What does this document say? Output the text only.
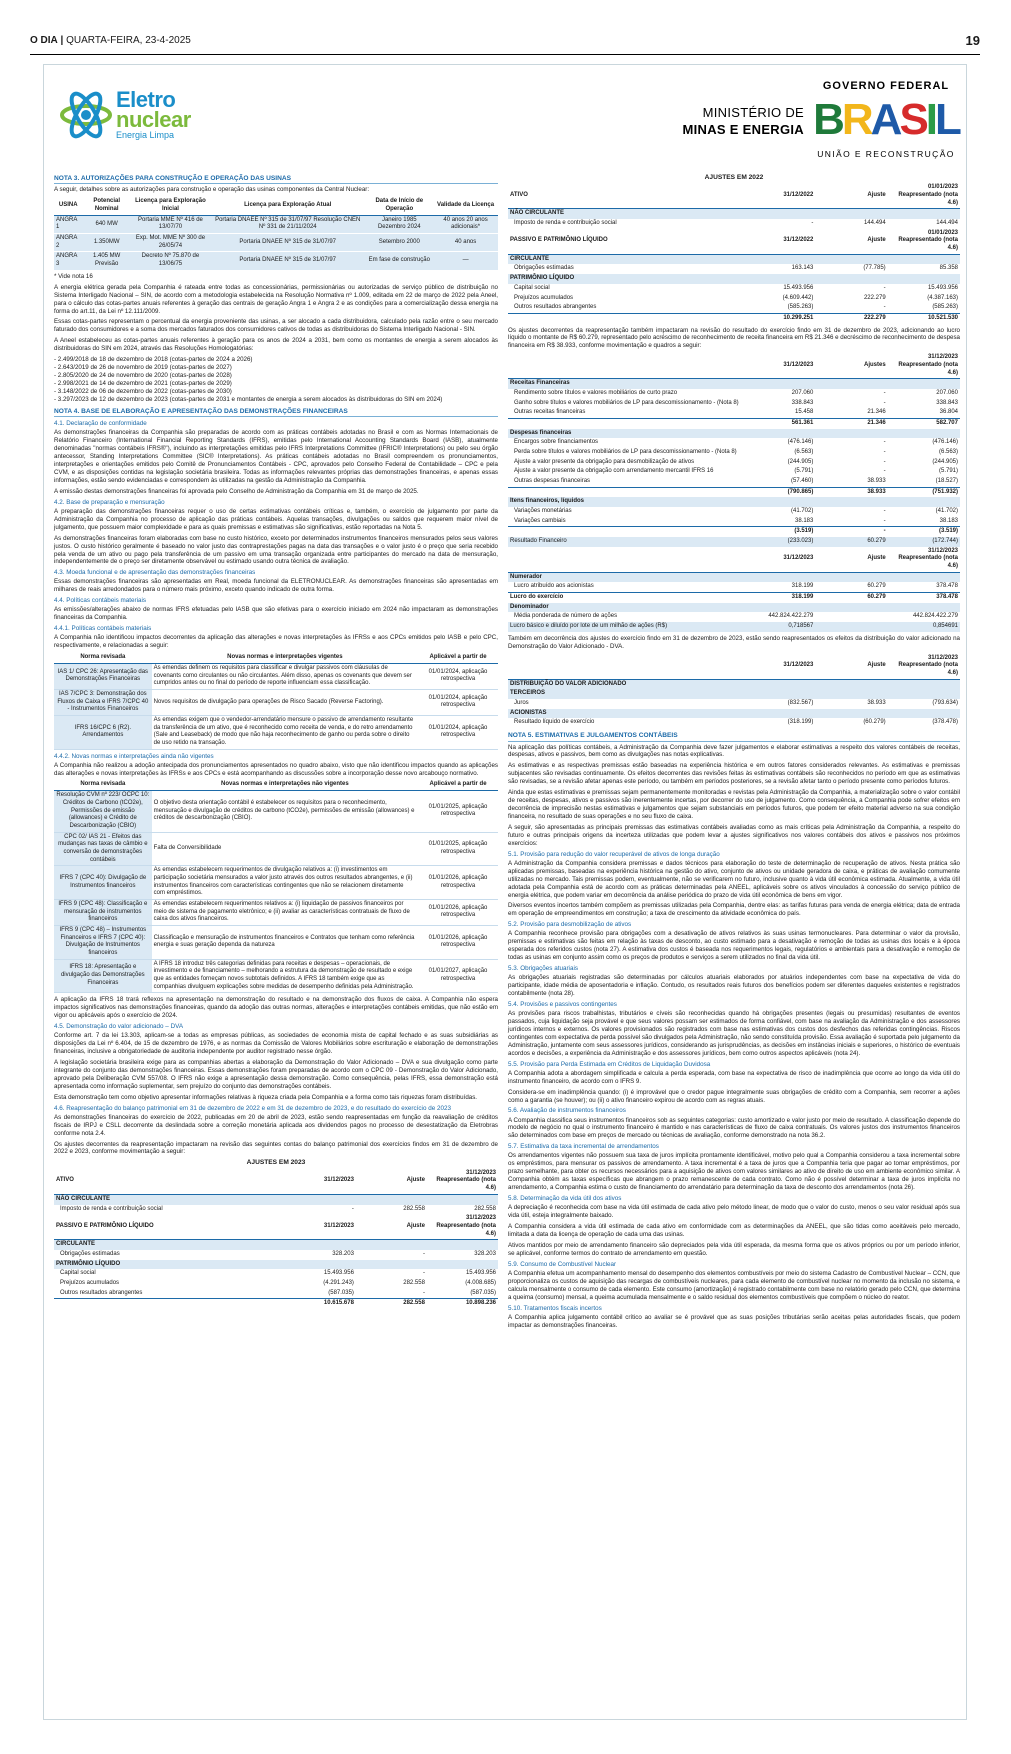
O DIA | QUARTA-FEIRA, 23-4-2025	19
Eletro
nuclear
Energia Limpa
MINISTÉRIO DE
MINAS E ENERGIA
GOVERNO FEDERAL
B R A S I L
UNIÃO E RECONSTRUÇÃO
NOTA 3. AUTORIZAÇÕES PARA CONSTRUÇÃO E OPERAÇÃO DAS USINAS

A seguir, detalhes sobre as autorizações para construção e operação das usinas componentes da Central Nuclear:

USINA	Potencial Nominal	Licença para Exploração Inicial	Licença para Exploração Atual	Data de Início de Operação	Validade da Licença
ANGRA 1	640 MW	Portaria MME Nº 416 de 13/07/70	Portaria DNAEE Nº 315 de 31/07/97 Resolução CNEN Nº 331 de 21/11/2024	Janeiro 1985 Dezembro 2024	40 anos 20 anos adicionais*
ANGRA 2	1.350MW	Exp. Mot. MME Nº 300 de 26/05/74	Portaria DNAEE Nº 315 de 31/07/97	Setembro 2000	40 anos
ANGRA 3	1.405 MW Previsão	Decreto Nº 75.870 de 13/06/75	Portaria DNAEE Nº 315 de 31/07/97	Em fase de construção	—

* Vide nota 16

A energia elétrica gerada pela Companhia é rateada entre todas as concessionárias, permissionárias ou autorizadas de serviço público de distribuição no Sistema Interligado Nacional – SIN, de acordo com a metodologia estabelecida na Resolução Normativa nº 1.009, editada em 22 de março de 2022 pela Aneel, para o cálculo das cotas-partes anuais referentes à geração das centrais de geração Angra 1 e Angra 2 e as condições para a comercialização dessa energia na forma do art.11, da Lei nº 12.111/2009.

Essas cotas-partes representam o percentual da energia proveniente das usinas, a ser alocado a cada distribuidora, calculado pela razão entre o seu mercado faturado dos consumidores e a soma dos mercados faturados dos consumidores cativos de todas as distribuidoras do Sistema Interligado Nacional - SIN.

A Aneel estabeleceu as cotas-partes anuais referentes à geração para os anos de 2024 a 2031, bem como os montantes de energia a serem alocados às distribuidoras do SIN em 2024, através das Resoluções Homologatórias:

- 2.499/2018 de 18 de dezembro de 2018 (cotas-partes de 2024 a 2026)
- 2.643/2019 de 26 de novembro de 2019 (cotas-partes de 2027)
- 2.805/2020 de 24 de novembro de 2020 (cotas-partes de 2028)
- 2.998/2021 de 14 de dezembro de 2021 (cotas-partes de 2029)
- 3.148/2022 de 06 de dezembro de 2022 (cotas-partes de 2030)
- 3.297/2023 de 12 de dezembro de 2023 (cotas-partes de 2031 e montantes de energia a serem alocados às distribuidoras do SIN em 2024)
NOTA 4. BASE DE ELABORAÇÃO E APRESENTAÇÃO DAS DEMONSTRAÇÕES FINANCEIRAS
4.1. Declaração de conformidade

As demonstrações financeiras da Companhia são preparadas de acordo com as práticas contábeis adotadas no Brasil e com as Normas Internacionais de Relatório Financeiro (International Financial Reporting Standards (IFRS), emitidas pelo International Accounting Standards Board (IASB), atualmente denominadas "normas contábeis IFRS®"), incluindo as interpretações emitidas pelo IFRS Interpretations Committee (IFRIC® Interpretations) ou pelo seu órgão antecessor, Standing Interpretations Committee (SIC® Interpretations). As práticas contábeis adotadas no Brasil compreendem os pronunciamentos, interpretações e orientações emitidos pelo Comitê de Pronunciamentos Contábeis - CPC, aprovados pelo Conselho Federal de Contabilidade – CPC e pela CVM, e as disposições contidas na legislação societária brasileira. Todas as informações relevantes próprias das demonstrações financeiras, e apenas essas informações, estão sendo evidenciadas e correspondem às utilizadas na gestão da Administração da Companhia.

A emissão destas demonstrações financeiras foi aprovada pelo Conselho de Administração da Companhia em 31 de março de 2025.

4.2. Base de preparação e mensuração

A preparação das demonstrações financeiras requer o uso de certas estimativas contábeis críticas e, também, o exercício de julgamento por parte da Administração da Companhia no processo de aplicação das práticas contábeis. Aquelas transações, divulgações ou saldos que requerem maior nível de julgamento, que possuem maior complexidade e para as quais premissas e estimativas são significativas, estão reportadas na Nota 5.

As demonstrações financeiras foram elaboradas com base no custo histórico, exceto por determinados instrumentos financeiros mensurados pelos seus valores justos. O custo histórico geralmente é baseado no valor justo das contraprestações pagas na data das transações e o valor justo é o preço que seria recebido pela venda de um ativo ou pago pela transferência de um passivo em uma transação organizada entre participantes do mercado na data de mensuração, independentemente de o preço ser diretamente observável ou estimado usando outra técnica de avaliação.

4.3. Moeda funcional e de apresentação das demonstrações financeiras

Essas demonstrações financeiras são apresentadas em Real, moeda funcional da ELETRONUCLEAR. As demonstrações financeiras são apresentadas em milhares de reais arredondados para o número mais próximo, exceto quando indicado de outra forma.

4.4. Políticas contábeis materiais

As emissões/alterações abaixo de normas IFRS efetuadas pelo IASB que são efetivas para o exercício iniciado em 2024 não impactaram as demonstrações financeiras da Companhia.

4.4.1. Políticas contábeis materiais

A Companhia não identificou impactos decorrentes da aplicação das alterações e novas interpretações às IFRSs e aos CPCs emitidos pelo IASB e pelo CPC, respectivamente, e relacionadas a seguir:

Norma revisada	Novas normas e interpretações vigentes	Aplicável a partir de
IAS 1/ CPC 26: Apresentação das Demonstrações Financeiras	As emendas definem os requisitos para classificar e divulgar passivos com cláusulas de covenants como circulantes ou não circulantes. Além disso, apenas os covenants que devem ser cumpridos antes ou no final do período de reporte influenciam essa classificação.	01/01/2024, aplicação retrospectiva
IAS 7/CPC 3: Demonstração dos Fluxos de Caixa e IFRS 7/CPC 40 - Instrumentos Financeiros	Novos requisitos de divulgação para operações de Risco Sacado (Reverse Factoring).	01/01/2024, aplicação retrospectiva
IFRS 16/CPC 6 (R2). Arrendamentos	As emendas exigem que o vendedor-arrendatário mensure o passivo de arrendamento resultante da transferência de um ativo, que é reconhecido como receita de venda, e do retro arrendamento (Sale and Leaseback) de modo que não haja reconhecimento de ganho ou perda sobre o direito de uso retido na transação.	01/01/2024, aplicação retrospectiva
4.4.2. Novas normas e interpretações ainda não vigentes

A Companhia não realizou a adoção antecipada dos pronunciamentos apresentados no quadro abaixo, visto que não identificou impactos quando as aplicações das alterações e novas interpretações às IFRSs e aos CPCs e está acompanhando as discussões sobre a incorporação desse novo arcabouço normativo.

Norma revisada	Novas normas e interpretações não vigentes	Aplicável a partir de
Resolução CVM nº 223/ OCPC 10: Créditos de Carbono (tCO2e), Permissões de emissão (allowances) e Crédito de Descarbonização (CBIO)	O objetivo desta orientação contábil é estabelecer os requisitos para o reconhecimento, mensuração e divulgação de créditos de carbono (tCO2e), permissões de emissão (allowances) e créditos de descarbonização (CBIO).	01/01/2025, aplicação retrospectiva
CPC 02/ IAS 21 - Efeitos das mudanças nas taxas de câmbio e conversão de demonstrações contábeis	Falta de Conversibilidade	01/01/2025, aplicação retrospectiva
IFRS 7 (CPC 40): Divulgação de Instrumentos financeiros	As emendas estabelecem requerimentos de divulgação relativos a: (i) investimentos em participação societária mensurados a valor justo através dos outros resultados abrangentes, e (ii) instrumentos financeiros com características contingentes que não se relacionem diretamente com empréstimos.	01/01/2026, aplicação retrospectiva
IFRS 9 (CPC 48): Classificação e mensuração de instrumentos financeiros	As emendas estabelecem requerimentos relativos a: (i) liquidação de passivos financeiros por meio de sistema de pagamento eletrônico; e (ii) avaliar as características contratuais de fluxo de caixa dos ativos financeiros.	01/01/2026, aplicação retrospectiva
IFRS 9 (CPC 48) – Instrumentos Financeiros e IFRS 7 (CPC 40): Divulgação de Instrumentos financeiros	Classificação e mensuração de instrumentos financeiros e Contratos que tenham como referência energia e suas geração dependa da natureza	01/01/2026, aplicação retrospectiva
IFRS 18: Apresentação e divulgação das Demonstrações Financeiras	A IFRS 18 introduz três categorias definidas para receitas e despesas – operacionais, de investimento e de financiamento – melhorando a estrutura da demonstração de resultado e exige que as entidades forneçam novos subtotais definidos. A IFRS 18 também exige que as companhias divulguem explicações sobre medidas de desempenho definidas pela Administração.	01/01/2027, aplicação retrospectiva

A aplicação da IFRS 18 trará reflexos na apresentação na demonstração do resultado e na demonstração dos fluxos de caixa. A Companhia não espera impactos significativos nas demonstrações financeiras, quando da adoção das outras normas, alterações e interpretações contábeis emitidas, que não estão em vigor ou aplicáveis após o exercício de 2024.

4.5. Demonstração do valor adicionado – DVA

Conforme art. 7 da lei 13.303, aplicam-se a todas as empresas públicas, as sociedades de economia mista de capital fechado e as suas subsidiárias as disposições da Lei nº 6.404, de 15 de dezembro de 1976, e as normas da Comissão de Valores Mobiliários sobre escrituração e elaboração de demonstrações financeiras, inclusive a obrigatoriedade de auditoria independente por auditor registrado nesse órgão.

A legislação societária brasileira exige para as companhias abertas a elaboração da Demonstração do Valor Adicionado – DVA e sua divulgação como parte integrante do conjunto das demonstrações financeiras. Essas demonstrações foram preparadas de acordo com o CPC 09 - Demonstração do Valor Adicionado, aprovado pela Deliberação CVM 557/08. O IFRS não exige a apresentação dessa demonstração. Como consequência, pelas IFRS, essa demonstração está apresentada como informação suplementar, sem prejuízo do conjunto das demonstrações contábeis.

Esta demonstração tem como objetivo apresentar informações relativas à riqueza criada pela Companhia e a forma como tais riquezas foram distribuídas.

4.6. Reapresentação do balanço patrimonial em 31 de dezembro de 2022 e em 31 de dezembro de 2023, e do resultado do exercício de 2023

As demonstrações financeiras do exercício de 2022, publicadas em 20 de abril de 2023, estão sendo reapresentadas em função da reavaliação de créditos fiscais de IRPJ e CSLL decorrente da deslindada sobre a correção monetária aplicada aos dividendos pagos no processo de desestatização da Eletrobras conforme nota 2.4.

Os ajustes decorrentes da reapresentação impactaram na revisão das seguintes contas do balanço patrimonial dos exercícios findos em 31 de dezembro de 2022 e 2023, conforme movimentação a seguir:

AJUSTES EM 2023
ATIVO	31/12/2023	Ajuste	31/12/2023 Reapresentado (nota 4.6)
NÃO CIRCULANTE			
Imposto de renda e contribuição social	-	282.558	282.558
PASSIVO E PATRIMÔNIO LÍQUIDO	31/12/2023	Ajuste	31/12/2023 Reapresentado (nota 4.6)
CIRCULANTE			
Obrigações estimadas	328.203	-	328.203
PATRIMÔNIO LÍQUIDO			
Capital social	15.493.956	-	15.493.956
Prejuízos acumulados	(4.291.243)	282.558	(4.008.685)
Outros resultados abrangentes	(587.035)	-	(587.035)
	10.615.678	282.558	10.898.236
AJUSTES EM 2022
ATIVO	31/12/2022	Ajuste	01/01/2023 Reapresentado (nota 4.6)
NÃO CIRCULANTE			
Imposto de renda e contribuição social	-	144.494	144.494
PASSIVO E PATRIMÔNIO LÍQUIDO	31/12/2022	Ajuste	01/01/2023 Reapresentado (nota 4.6)
CIRCULANTE			
Obrigações estimadas	163.143	(77.785)	85.358
PATRIMÔNIO LÍQUIDO			
Capital social	15.493.956	-	15.493.956
Prejuízos acumulados	(4.609.442)	222.279	(4.387.163)
Outros resultados abrangentes	(585.263)	-	(585.263)
	10.299.251	222.279	10.521.530

Os ajustes decorrentes da reapresentação também impactaram na revisão do resultado do exercício findo em 31 de dezembro de 2023, adicionando ao lucro líquido o montante de R$ 60.279, representado pelo acréscimo de reconhecimento de receita financeira em R$ 21.346 e decréscimo de reconhecimento de despesa financeira em R$ 38.933, conforme movimentação e quadros a seguir:

	31/12/2023	Ajustes	31/12/2023 Reapresentado (nota 4.6)
Receitas Financeiras			
Rendimento sobre títulos e valores mobiliários de curto prazo	207.060	-	207.060
Ganho sobre títulos e valores mobiliários de LP para descomissionamento - (Nota 8)	338.843	-	338.843
Outras receitas financeiras	15.458	21.346	36.804
	561.361	21.346	582.707
Despesas financeiras			
Encargos sobre financiamentos	(476.146)	-	(476.146)
Perda sobre títulos e valores mobiliários de LP para descomissionamento - (Nota 8)	(6.563)	-	(6.563)
Ajuste a valor presente da obrigação para desmobilização de ativos	(244.905)	-	(244.905)
Ajuste a valor presente da obrigação com arrendamento mercantil IFRS 16	(5.791)	-	(5.791)
Outras despesas financeiras	(57.460)	38.933	(18.527)
	(790.865)	38.933	(751.932)
Itens financeiros, líquidos			
Variações monetárias	(41.702)	-	(41.702)
Variações cambiais	38.183	-	38.183
	(3.519)	-	(3.519)
Resultado Financeiro	(233.023)	60.279	(172.744)
	31/12/2023	Ajuste	31/12/2023 Reapresentado (nota 4.6)
Numerador			
Lucro atribuído aos acionistas	318.199	60.279	378.478
Lucro do exercício	318.199	60.279	378.478
Denominador			
Média ponderada de número de ações	442.824.422.279		442.824.422.279
Lucro básico e diluído por lote de um milhão de ações (R$)	0,718567		0,854691

Também em decorrência dos ajustes do exercício findo em 31 de dezembro de 2023, estão sendo reapresentados os efeitos da distribuição do valor adicionado na Demonstração do Valor Adicionado - DVA.

	31/12/2023	Ajuste	31/12/2023 Reapresentado (nota 4.6)
DISTRIBUIÇÃO DO VALOR ADICIONADO			
TERCEIROS			
Juros	(832.567)	38.933	(793.634)
ACIONISTAS			
Resultado líquido de exercício	(318.199)	(60.279)	(378.478)
NOTA 5. ESTIMATIVAS E JULGAMENTOS CONTÁBEIS

Na aplicação das políticas contábeis, a Administração da Companhia deve fazer julgamentos e elaborar estimativas a respeito dos valores contábeis de receitas, despesas, ativos e passivos, bem como as divulgações nas notas explicativas.

As estimativas e as respectivas premissas estão baseadas na experiência histórica e em outros fatores considerados relevantes. As estimativas e premissas subjacentes são revisadas continuamente. Os efeitos decorrentes das revisões feitas às estimativas contábeis são reconhecidos no período em que as estimativas são revisadas, se a revisão afetar apenas este período, ou também em períodos posteriores, se a revisão afetar tanto o período presente como períodos futuros.

Ainda que estas estimativas e premissas sejam permanentemente monitoradas e revistas pela Administração da Companhia, a materialização sobre o valor contábil de receitas, despesas, ativos e passivos são inerentemente incertas, por decorrer do uso de julgamento. Como consequência, a Companhia pode sofrer efeitos em decorrência de imprecisão nestas estimativas e julgamentos que sejam substanciais em períodos futuros, que podem ter efeito material adverso na sua condição financeira, no resultado de suas operações e no seu fluxo de caixa.

A seguir, são apresentadas as principais premissas das estimativas contábeis avaliadas como as mais críticas pela Administração da Companhia, a respeito do futuro e outras principais origens da incerteza utilizadas que podem levar a ajustes significativos nos valores contábeis dos ativos e passivos nos próximos exercícios:

5.1. Provisão para redução do valor recuperável de ativos de longa duração

A Administração da Companhia considera premissas e dados técnicos para elaboração do teste de determinação de recuperação de ativos. Nesta prática são aplicadas premissas, baseadas na experiência histórica na gestão do ativo, conjunto de ativos ou unidade geradora de caixa, e práticas de avaliação comumente utilizadas no mercado. Tais premissas podem, eventualmente, não se verificarem no futuro, inclusive quanto à vida útil econômica estimada. Atualmente, a vida útil adotada pela Companhia está de acordo com as práticas determinadas pela ANEEL, aplicáveis sobre os ativos vinculados à concessão do serviço público de energia elétrica, que podem variar em decorrência da análise periódica do prazo de vida útil econômica de bens em vigor.

Diversos eventos incertos também compõem as premissas utilizadas pela Companhia, dentre elas: as tarifas futuras para venda de energia elétrica; data de entrada em operação de empreendimentos em construção; a taxa de crescimento da atividade econômica do país.

5.2. Provisão para desmobilização de ativos

A Companhia reconhece provisão para obrigações com a desativação de ativos relativos às suas usinas termonucleares. Para determinar o valor da provisão, premissas e estimativas são feitas em relação às taxas de desconto, ao custo estimado para a desativação e remoção de todas as usinas dos locais e à época esperada dos referidos custos (nota 27). A estimativa dos custos é baseada nos requerimentos legais, regulatórios e ambientais para a desativação e remoção de todas as usinas em conjunto assim como os preços de produtos e serviços a serem utilizados no final da vida útil.

5.3. Obrigações atuariais

As obrigações atuariais registradas são determinadas por cálculos atuariais elaborados por atuários independentes com base na expectativa de vida do participante, idade média de aposentadoria e inflação. Contudo, os resultados reais futuros dos benefícios podem ser diferentes daqueles existentes e registrados contabilmente (nota 28).

5.4. Provisões e passivos contingentes

As provisões para riscos trabalhistas, tributários e cíveis são reconhecidas quando há obrigações presentes (legais ou presumidas) resultantes de eventos passados, cuja liquidação seja provável e que seus valores possam ser estimados de forma confiável, com base na avaliação da Administração e dos assessores jurídicos internos e externos. Os valores provisionados são registrados com base nas estimativas dos custos dos desfechos das referidas contingências. Riscos contingentes com expectativa de perda possível são divulgados pela Administração, não sendo constituída provisão. Essa avaliação é suportada pelo julgamento da Administração, juntamente com seus assessores jurídicos, considerando as jurisprudências, as decisões em instâncias iniciais e superiores, o histórico de eventuais acordos e decisões, a experiência da Administração e dos assessores jurídicos, bem como outros aspectos aplicáveis (nota 24).

5.5. Provisão para Perda Estimada em Créditos de Liquidação Duvidosa

A Companhia adota a abordagem simplificada e calcula a perda esperada, com base na expectativa de risco de inadimplência que ocorre ao longo da vida útil do instrumento financeiro, de acordo com o IFRS 9.

Considera-se em inadimplência quando: (i) é improvável que o credor pague integralmente suas obrigações de crédito com a Companhia, sem recorrer a ações como a garantia (se houver); ou (ii) o ativo financeiro expirou de acordo com as regras atuais.

5.6. Avaliação de instrumentos financeiros

A Companhia classifica seus instrumentos financeiros sob as seguintes categorias: custo amortizado e valor justo por meio de resultado. A classificação depende do modelo de negócio no qual o instrumento financeiro é mantido e nas características de fluxo de caixa contratuais. Os valores justos dos instrumentos financeiros são determinados com base em preços de mercado ou técnicas de avaliação, conforme demonstrado na nota 36.2.

5.7. Estimativa da taxa incremental de arrendamentos

Os arrendamentos vigentes não possuem sua taxa de juros implícita prontamente identificável, motivo pelo qual a Companhia considerou a taxa incremental sobre os empréstimos, para mensurar os passivos de arrendamento. A taxa incremental é a taxa de juros que a Companhia teria que pagar ao tomar empréstimos, por prazo semelhante, para obter os recursos necessários para a aquisição de ativos com valores similares ao ativo de direito de uso em ambiente econômico similar. A Companhia obtém as taxas específicas que abrangem o prazo remanescente de cada contrato. Como não é possível determinar a taxa de juros implícita no arrendamento, a Companhia estima o custo de financiamento do arrendatário para determinação da taxa de desconto dos arrendamentos (nota 26).

5.8. Determinação da vida útil dos ativos

A depreciação é reconhecida com base na vida útil estimada de cada ativo pelo método linear, de modo que o valor do custo, menos o seu valor residual após sua vida útil, esteja integralmente baixado.

A Companhia considera a vida útil estimada de cada ativo em conformidade com as determinações da ANEEL, que são tidas como aceitáveis pelo mercado, limitada a data da licença de operação de cada uma das usinas.

Ativos mantidos por meio de arrendamento financeiro são depreciados pela vida útil esperada, da mesma forma que os ativos próprios ou por um período inferior, se aplicável, conforme termos do contrato de arrendamento em questão.

5.9. Consumo de Combustível Nuclear

A Companhia efetua um acompanhamento mensal do desempenho dos elementos combustíveis por meio do sistema Cadastro de Combustível Nuclear – CCN, que proporcionaliza os custos de aquisição das recargas de combustíveis nucleares, para cada elemento de combustível nuclear no momento da inclusão no sistema, e calcula mensalmente o consumo de cada elemento. Este consumo (amortização) é registrado contabilmente com base no relatório gerado pelo CCN, que determina a queima (consumo) mensal, a queima acumulada mensalmente e o saldo residual dos elementos combustíveis que compõem o núcleo do reator.

5.10. Tratamentos fiscais incertos

A Companhia aplica julgamento contábil crítico ao avaliar se é provável que as suas posições tributárias serão aceitas pelas autoridades fiscais, que podem impactar as demonstrações financeiras.
